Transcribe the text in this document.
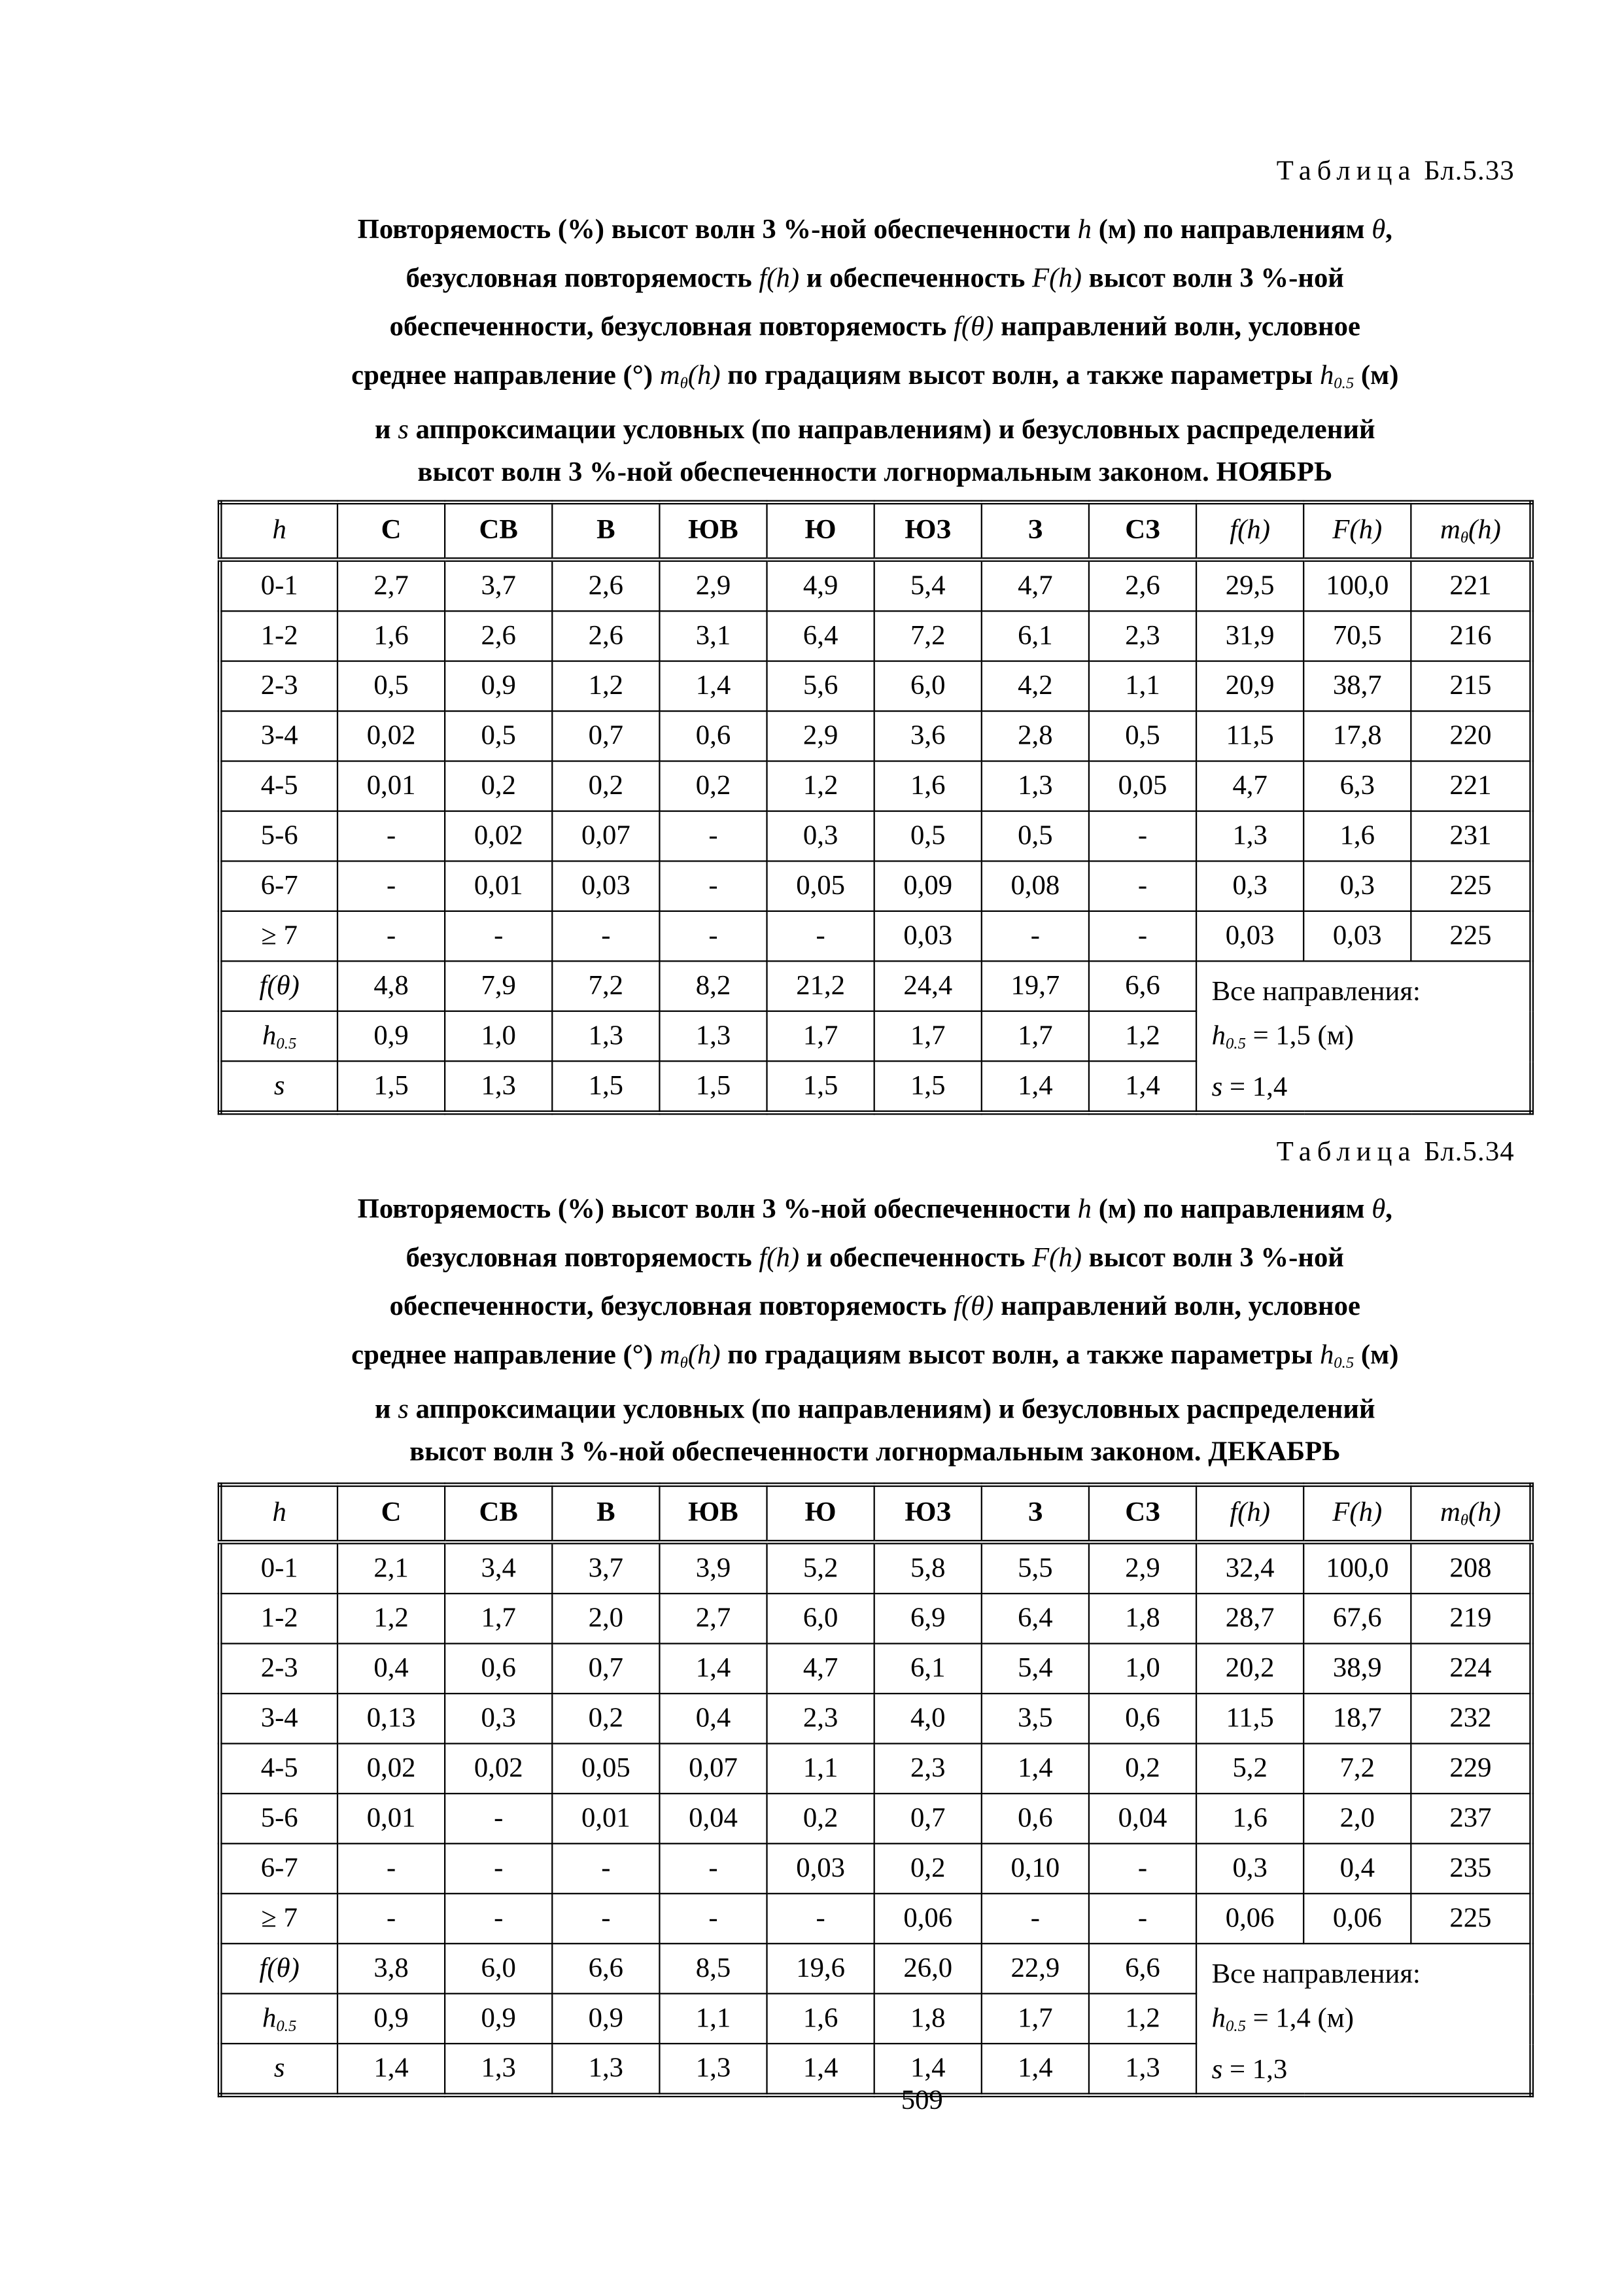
Таблица Бл.5.33
Повторяемость (%) высот волн 3 %-ной обеспеченности h (м) по направлениям θ,
безусловная повторяемость f(h) и обеспеченность F(h) высот волн 3 %-ной
обеспеченности, безусловная повторяемость f(θ) направлений волн, условное
среднее направление (°) $m_\theta(h)$ по градациям высот волн, а также параметры $h_{0.5}$ (м)
и s аппроксимации условных (по направлениям) и безусловных распределений
высот волн 3 %-ной обеспеченности логнормальным законом. НОЯБРЬ
h	С	СВ	В	ЮВ	Ю	ЮЗ	З	СЗ	f(h)	F(h)	$m_\theta(h)$
0-1	2,7	3,7	2,6	2,9	4,9	5,4	4,7	2,6	29,5	100,0	221
1-2	1,6	2,6	2,6	3,1	6,4	7,2	6,1	2,3	31,9	70,5	216
2-3	0,5	0,9	1,2	1,4	5,6	6,0	4,2	1,1	20,9	38,7	215
3-4	0,02	0,5	0,7	0,6	2,9	3,6	2,8	0,5	11,5	17,8	220
4-5	0,01	0,2	0,2	0,2	1,2	1,6	1,3	0,05	4,7	6,3	221
5-6	-	0,02	0,07	-	0,3	0,5	0,5	-	1,3	1,6	231
6-7	-	0,01	0,03	-	0,05	0,09	0,08	-	0,3	0,3	225
≥ 7	-	-	-	-	-	0,03	-	-	0,03	0,03	225
f(θ)	4,8	7,9	7,2	8,2	21,2	24,4	19,7	6,6	Все направления:
$h_{0.5} = 1,5$ (м)
s = 1,4		

$h_{0.5}$	0,9	1,0	1,3	1,3	1,7	1,7	1,7	1,2			
s	1,5	1,3	1,5	1,5	1,5	1,5	1,4	1,4			
Таблица Бл.5.34
Повторяемость (%) высот волн 3 %-ной обеспеченности h (м) по направлениям θ,
безусловная повторяемость f(h) и обеспеченность F(h) высот волн 3 %-ной
обеспеченности, безусловная повторяемость f(θ) направлений волн, условное
среднее направление (°) $m_\theta(h)$ по градациям высот волн, а также параметры $h_{0.5}$ (м)
и s аппроксимации условных (по направлениям) и безусловных распределений
высот волн 3 %-ной обеспеченности логнормальным законом. ДЕКАБРЬ
h	С	СВ	В	ЮВ	Ю	ЮЗ	З	СЗ	f(h)	F(h)	$m_\theta(h)$
0-1	2,1	3,4	3,7	3,9	5,2	5,8	5,5	2,9	32,4	100,0	208
1-2	1,2	1,7	2,0	2,7	6,0	6,9	6,4	1,8	28,7	67,6	219
2-3	0,4	0,6	0,7	1,4	4,7	6,1	5,4	1,0	20,2	38,9	224
3-4	0,13	0,3	0,2	0,4	2,3	4,0	3,5	0,6	11,5	18,7	232
4-5	0,02	0,02	0,05	0,07	1,1	2,3	1,4	0,2	5,2	7,2	229
5-6	0,01	-	0,01	0,04	0,2	0,7	0,6	0,04	1,6	2,0	237
6-7	-	-	-	-	0,03	0,2	0,10	-	0,3	0,4	235
≥ 7	-	-	-	-	-	0,06	-	-	0,06	0,06	225
f(θ)	3,8	6,0	6,6	8,5	19,6	26,0	22,9	6,6	Все направления:
$h_{0.5} = 1,4$ (м)
s = 1,3		

$h_{0.5}$	0,9	0,9	0,9	1,1	1,6	1,8	1,7	1,2			
s	1,4	1,3	1,3	1,3	1,4	1,4	1,4	1,3			
509
